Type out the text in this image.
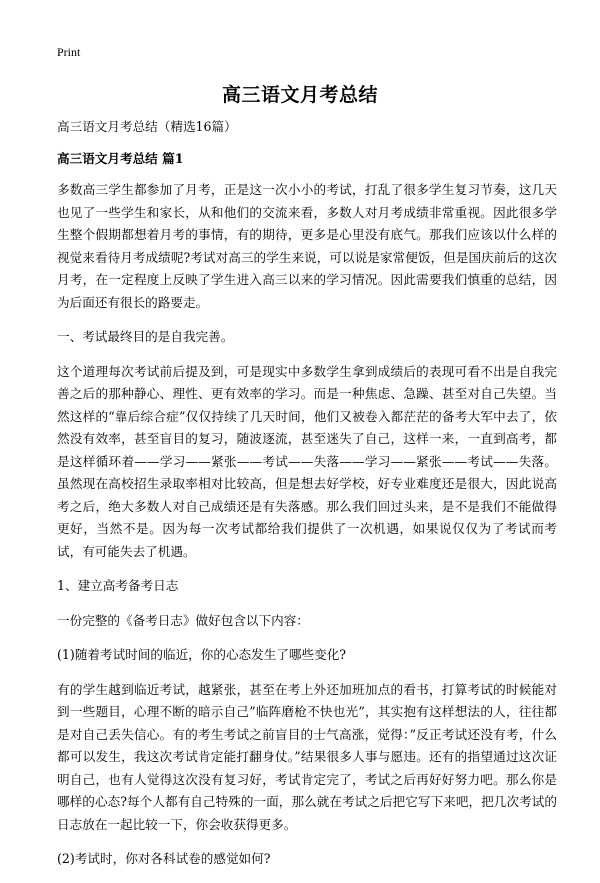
Print
高三语文月考总结

高三语文月考总结（精选16篇）

高三语文月考总结 篇1

多数高三学生都参加了月考，正是这一次小小的考试，打乱了很多学生复习节奏，这几天也见了一些学生和家长，从和他们的交流来看，多数人对月考成绩非常重视。因此很多学生整个假期都想着月考的事情，有的期待，更多是心里没有底气。那我们应该以什么样的视觉来看待月考成绩呢?考试对高三的学生来说，可以说是家常便饭，但是国庆前后的这次月考，在一定程度上反映了学生进入高三以来的学习情况。因此需要我们慎重的总结，因为后面还有很长的路要走。

一、考试最终目的是自我完善。

这个道理每次考试前后提及到，可是现实中多数学生拿到成绩后的表现可看不出是自我完善之后的那种静心、理性、更有效率的学习。而是一种焦虑、急躁、甚至对自己失望。当然这样的“靠后综合症”仅仅持续了几天时间，他们又被卷入都茫茫的备考大军中去了，依然没有效率，甚至盲目的复习，随波逐流，甚至迷失了自己，这样一来，一直到高考，都是这样循环着——学习——紧张——考试——失落——学习——紧张——考试——失落。虽然现在高校招生录取率相对比较高，但是想去好学校，好专业难度还是很大，因此说高考之后，绝大多数人对自己成绩还是有失落感。那么我们回过头来，是不是我们不能做得更好，当然不是。因为每一次考试都给我们提供了一次机遇，如果说仅仅为了考试而考试，有可能失去了机遇。

1、建立高考备考日志

一份完整的《备考日志》做好包含以下内容：

(1)随着考试时间的临近，你的心态发生了哪些变化?

有的学生越到临近考试，越紧张，甚至在考上外还加班加点的看书，打算考试的时候能对到一些题目，心理不断的暗示自己”临阵磨枪不快也光”，其实抱有这样想法的人，往往都是对自己丢失信心。有的考生考试之前盲目的士气高涨，觉得：”反正考试还没有考，什么都可以发生，我这次考试肯定能打翻身仗。”结果很多人事与愿违。还有的指望通过这次证明自己，也有人觉得这次没有复习好，考试肯定完了，考试之后再好好努力吧。那么你是哪样的心态?每个人都有自己特殊的一面，那么就在考试之后把它写下来吧，把几次考试的日志放在一起比较一下，你会收获得更多。

(2)考试时，你对各科试卷的感觉如何?
